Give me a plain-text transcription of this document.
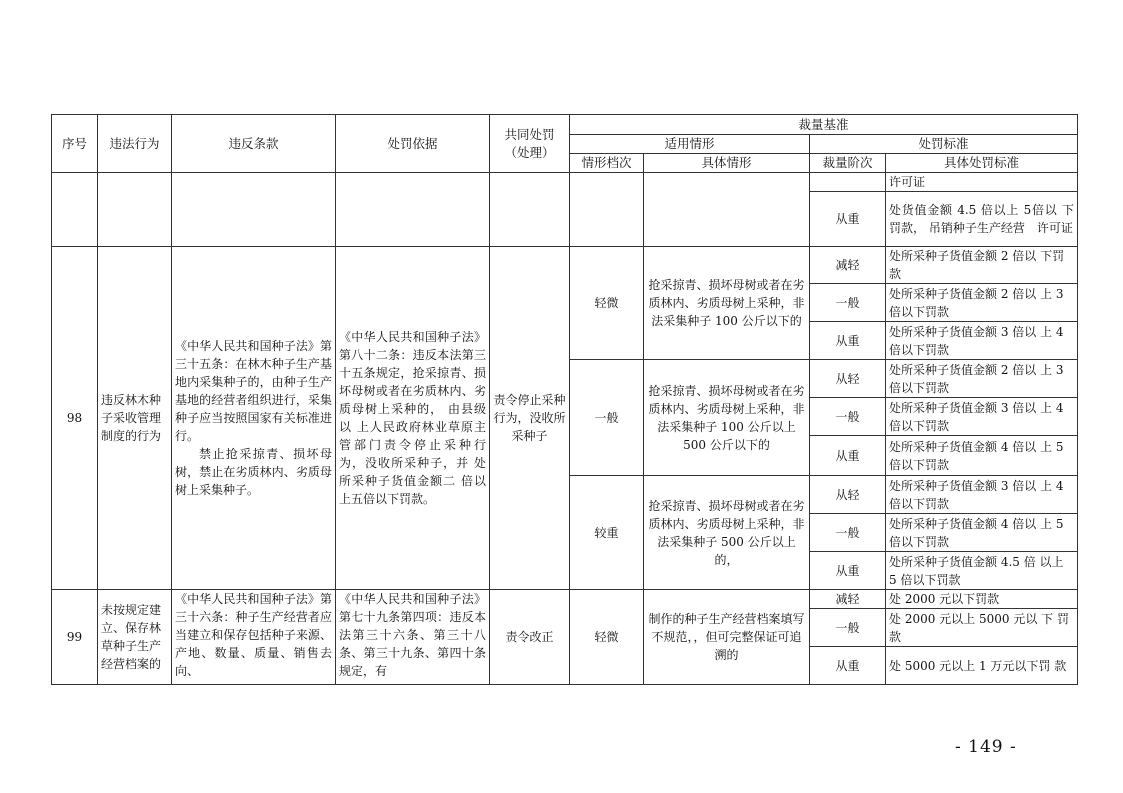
序号	违法行为	违反条款	处罚依据	共同处罚（处理）	裁量基准			
					适用情形		处罚标准	
					情形档次	具体情形	裁量阶次	具体处罚标准
								许可证
							从重	处货值金额 4.5 倍以上 5倍以 下罚款， 吊销种子生产经营　许可证
98	违反林木种子采收管理制度的行为	《中华人民共和国种子法》第三十五条：在林木种子生产基地内采集种子的，由种子生产基地的经营者组织进行，采集种子应当按照国家有关标准进行。
禁止抢采掠青、损坏母树，禁止在劣质林内、劣质母树上采集种子。	《中华人民共和国种子法》第八十二条：违反本法第三十五条规定，抢采掠青、损坏母树或者在劣质林内、劣质母树上采种的， 由县级以 上人民政府林业草原主 管部门责令停止采种行 为，没收所采种子，并 处所采种子货值金额二 倍以上五倍以下罚款。	责令停止采种行为，没收所采种子	轻微	抢采掠青、损坏母树或者在劣质林内、劣质母树上采种，非法采集种子 100 公斤以下的	减轻	处所采种子货值金额 2 倍以 下罚款
							一般	处所采种子货值金额 2 倍以 上 3 倍以下罚款
							从重	处所采种子货值金额 3 倍以 上 4 倍以下罚款
					一般	抢采掠青、损坏母树或者在劣质林内、劣质母树上采种，非法采集种子 100 公斤以上 500 公斤以下的	从轻	处所采种子货值金额 2 倍以 上 3 倍以下罚款
							一般	处所采种子货值金额 3 倍以 上 4 倍以下罚款
							从重	处所采种子货值金额 4 倍以 上 5 倍以下罚款
					较重	抢采掠青、损坏母树或者在劣质林内、劣质母树上采种，非法采集种子 500 公斤以上的，	从轻	处所采种子货值金额 3 倍以 上 4 倍以下罚款
							一般	处所采种子货值金额 4 倍以 上 5 倍以下罚款
							从重	处所采种子货值金额 4.5 倍 以上 5 倍以下罚款
99	未按规定建立、保存林草种子生产经营档案的	《中华人民共和国种子法》第三十六条：种子生产经营者应当建立和保存包括种子来源、产地、数量、质量、销售去向、	《中华人民共和国种子法》第七十九条第四项：违反本法第三十六条、第三十八条、第三十九条、第四十条规定，有	责令改正	轻微	制作的种子生产经营档案填写不规范，，但可完整保证可追溯的	减轻	处 2000 元以下罚款
							一般	处 2000 元以上 5000 元以 下 罚款
							从重	处 5000 元以上 1 万元以下罚 款
- 149 -
